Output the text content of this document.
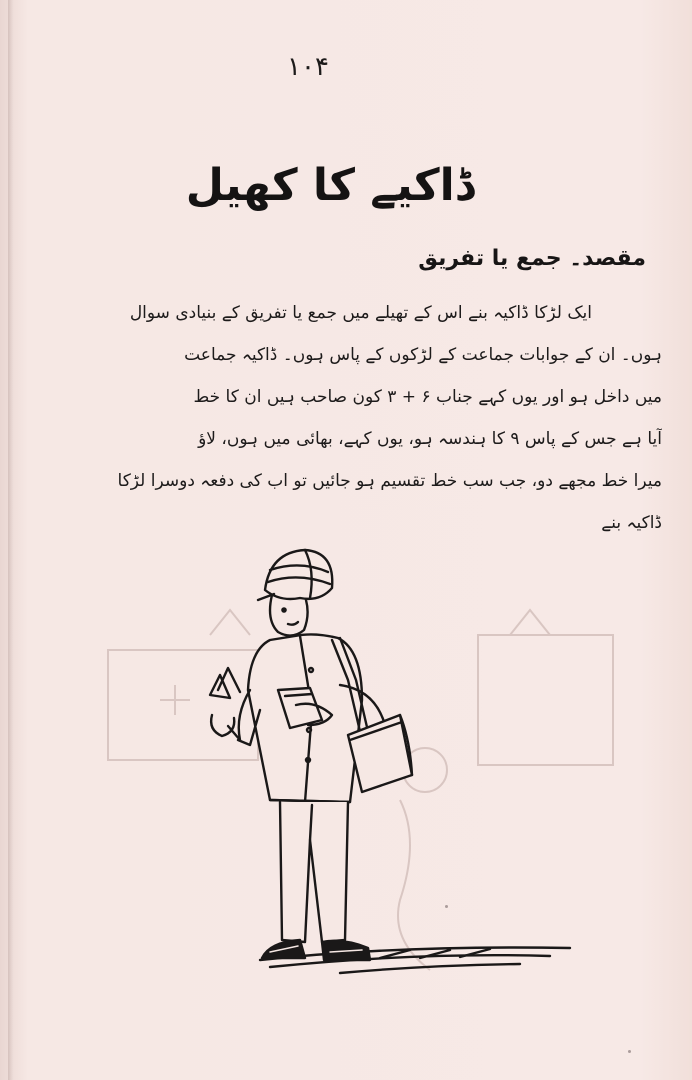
۱۰۴
ڈاکیے کا کھیل
مقصد۔ جمع یا تفریق
ایک لڑکا ڈاکیہ بنے اس کے تھیلے میں جمع یا تفریق کے بنیادی سوال
ہوں۔ ان کے جوابات جماعت کے لڑکوں کے پاس ہوں۔ ڈاکیہ جماعت
میں داخل ہو اور یوں کہے جناب ۶ + ۳ کون صاحب ہیں ان کا خط
آیا ہے جس کے پاس ۹ کا ہندسہ ہو، یوں کہے، بھائی میں ہوں، لاؤ
میرا خط مجھے دو، جب سب خط تقسیم ہو جائیں تو اب کی دفعہ دوسرا لڑکا
ڈاکیہ بنے
